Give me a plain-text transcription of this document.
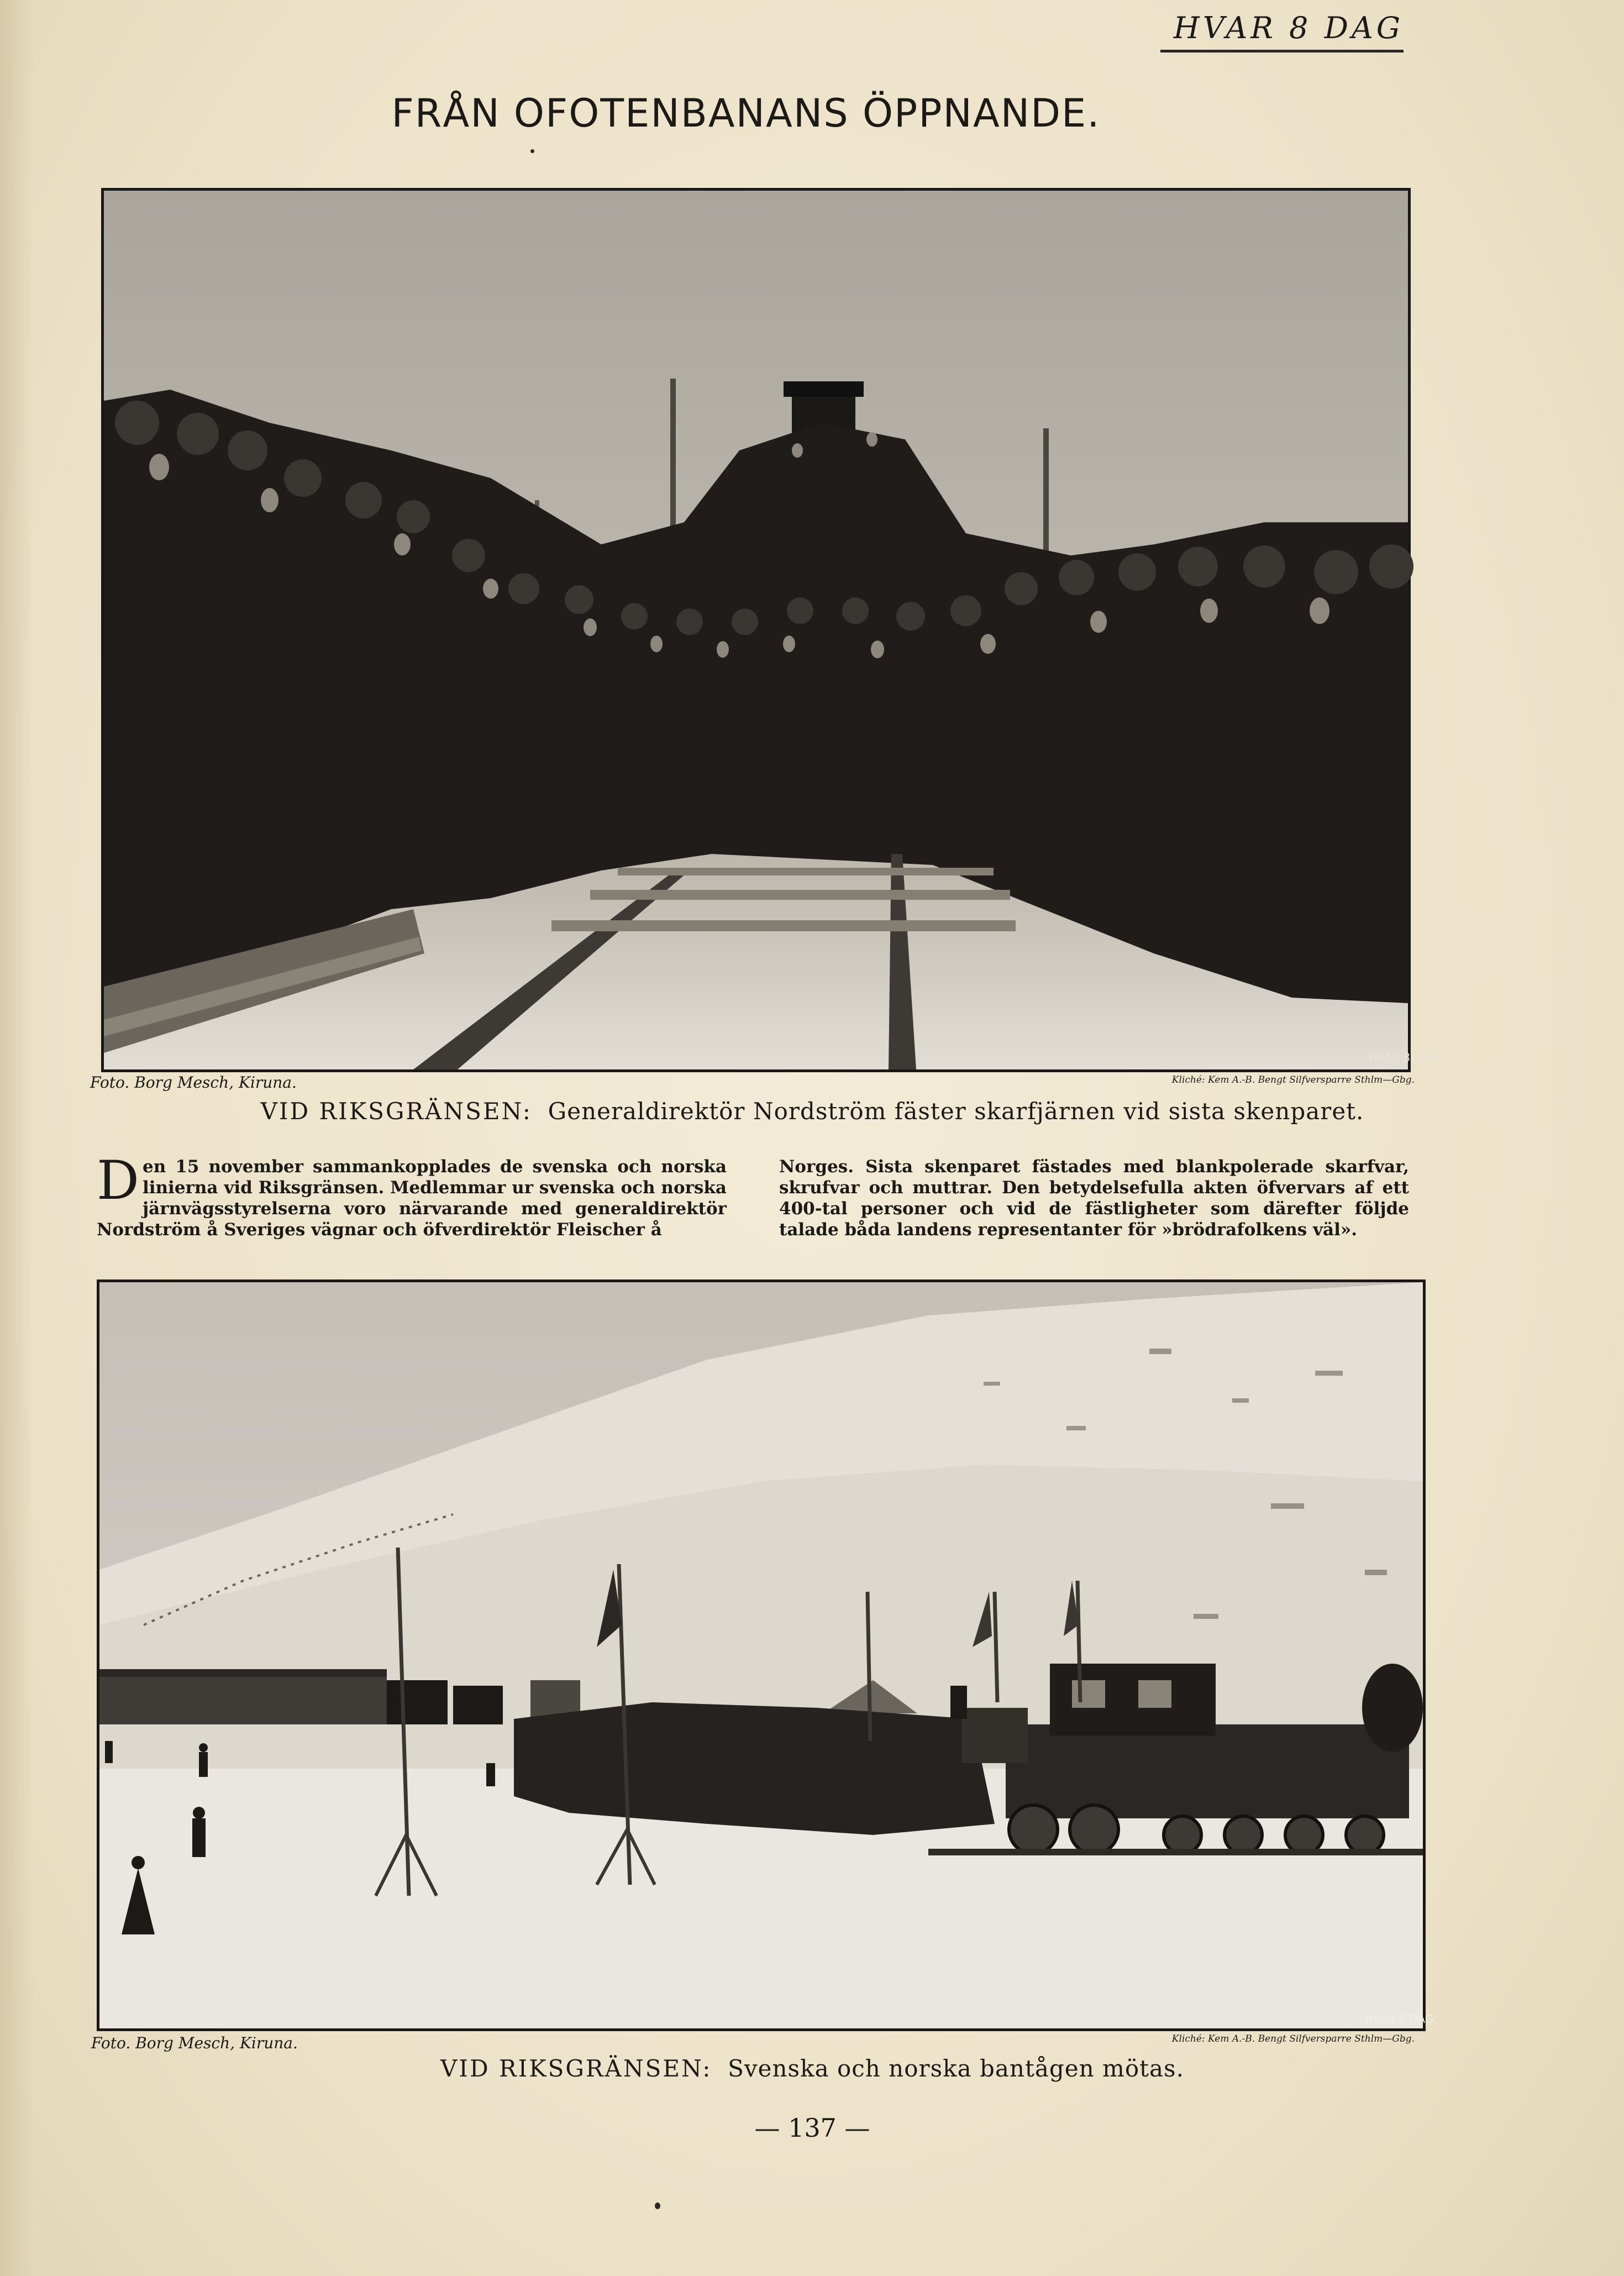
HVAR 8 DAG
FRÅN OFOTENBANANS ÖPPNANDE.
HVAR 8 DAG.
Foto. Borg Mesch, Kiruna.	Kliché: Kem A.-B. Bengt Silfversparre Sthlm—Gbg.
VID RIKSGRÄNSEN: Generaldirektör Nordström fäster skarfjärnen vid sista skenparet.
Den 15 november sammankopplades de svenska och norska linierna vid Riksgränsen. Medlemmar ur svenska och norska järnvägsstyrelserna voro närvarande med generaldirektör Nordström å Sveriges vägnar och öfverdirektör Fleischer å
Norges. Sista skenparet fästades med blankpolerade skarfvar, skrufvar och muttrar. Den betydelsefulla akten öfvervars af ett 400-tal personer och vid de fästligheter som därefter följde talade båda landens representanter för »brödrafolkens väl».
HVAR 8 DAG.
Foto. Borg Mesch, Kiruna.	Kliché: Kem A.-B. Bengt Silfversparre Sthlm—Gbg.
VID RIKSGRÄNSEN: Svenska och norska bantågen mötas.
— 137 —
